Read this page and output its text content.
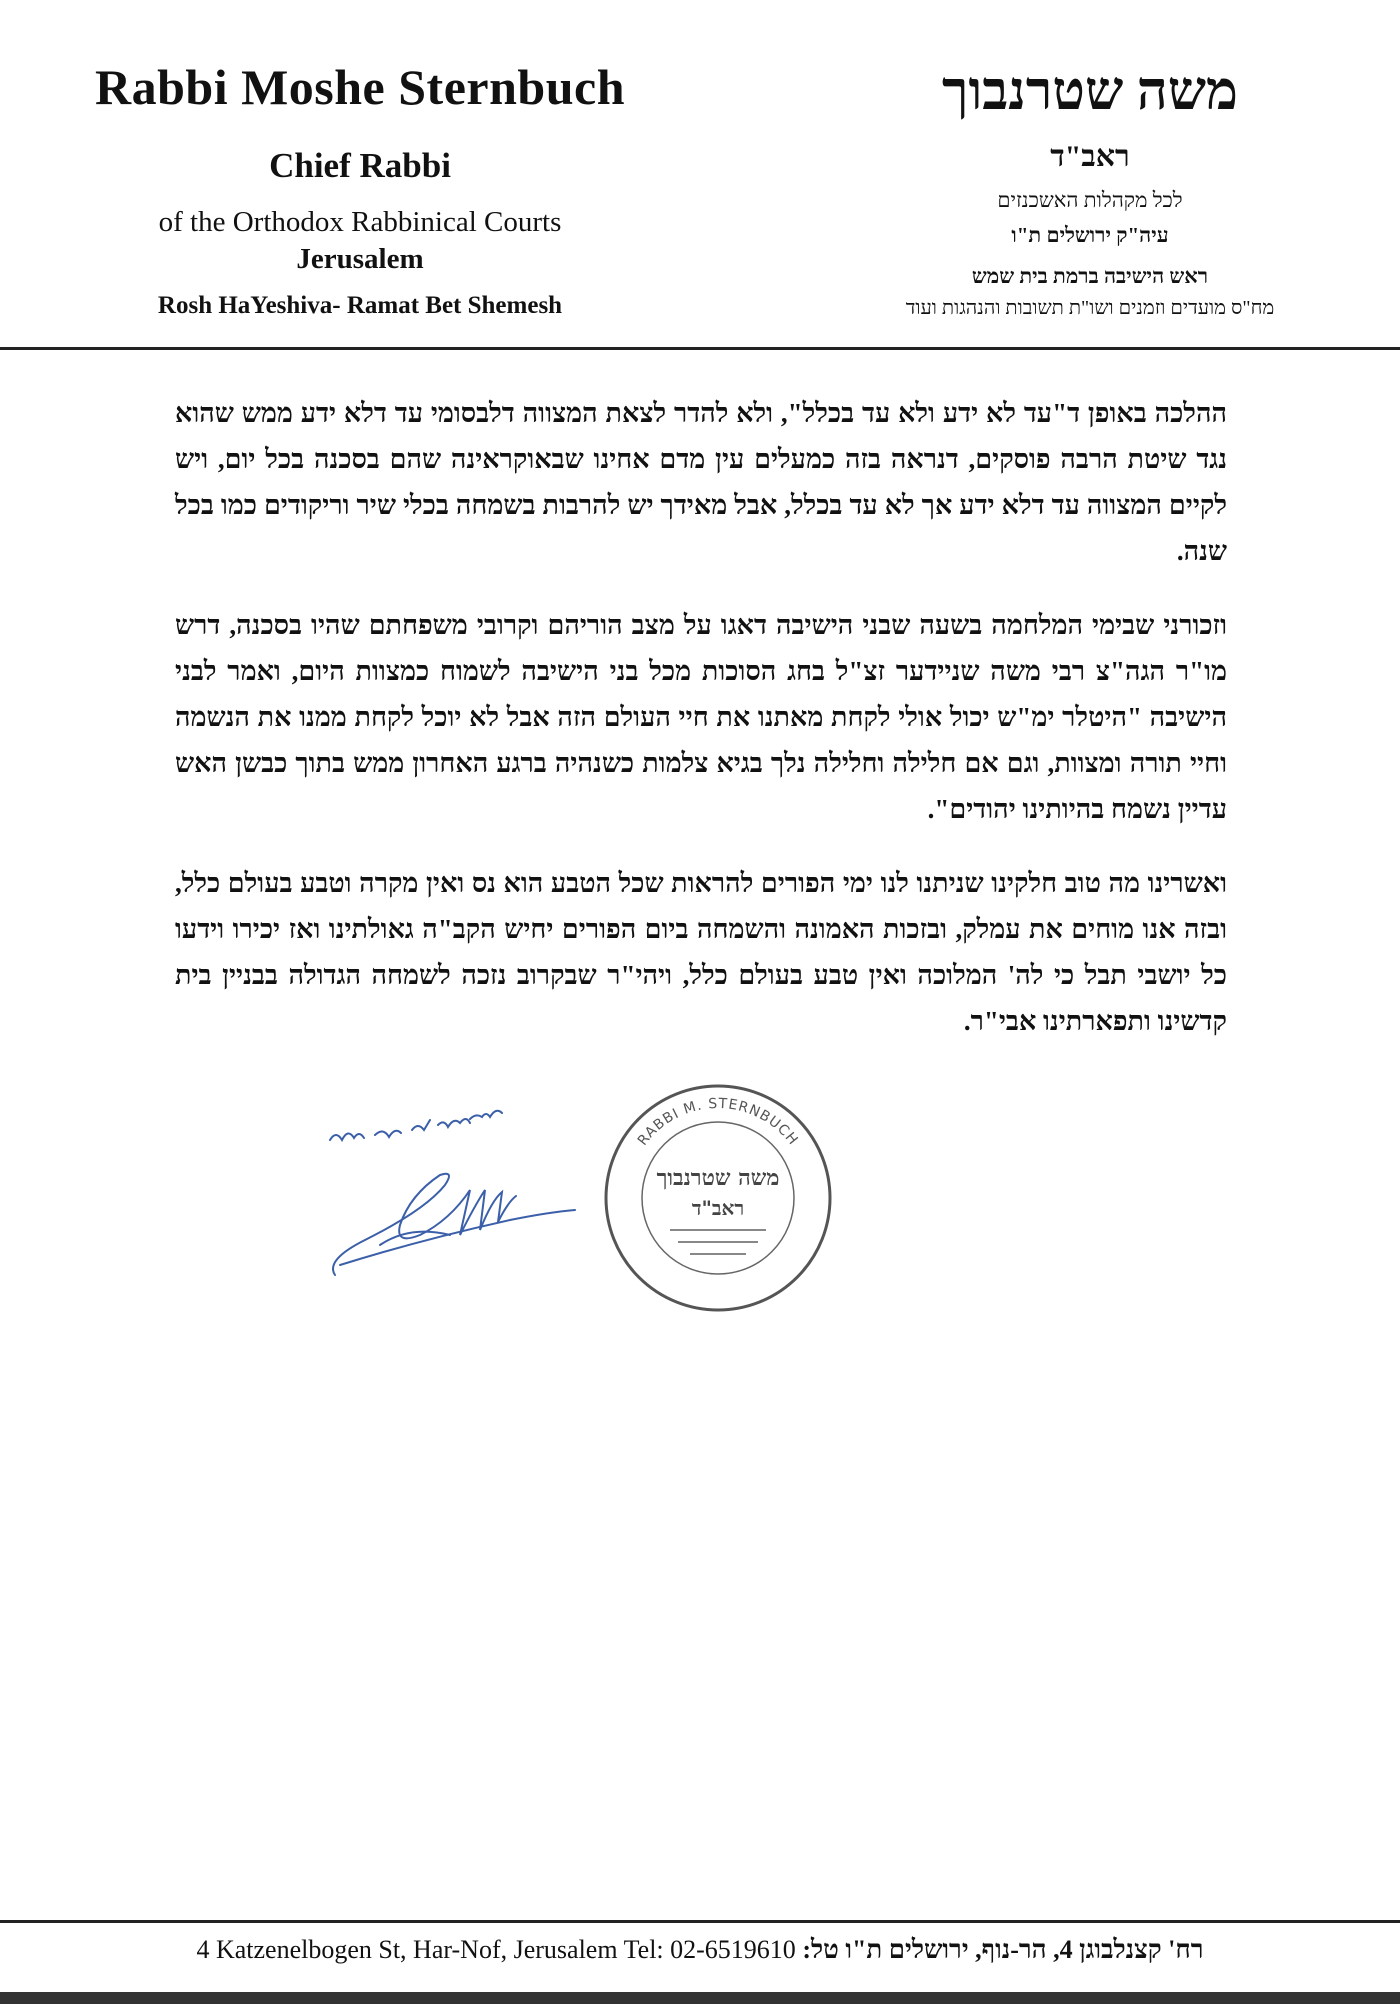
Rabbi Moshe Sternbuch
Chief Rabbi
of the Orthodox Rabbinical Courts
Jerusalem
Rosh HaYeshiva- Ramat Bet Shemesh
משה שטרנבוך
ראב"ד
לכל מקהלות האשכנזים
עיה"ק ירושלים ת"ו
ראש הישיבה ברמת בית שמש
מח"ס מועדים וזמנים ושו"ת תשובות והנהגות ועוד

ההלכה באופן ד"עד לא ידע ולא עד בכלל", ולא להדר לצאת המצווה דלבסומי עד דלא ידע ממש שהוא נגד שיטת הרבה פוסקים, דנראה בזה כמעלים עין מדם אחינו שבאוקראינה שהם בסכנה בכל יום, ויש לקיים המצווה עד דלא ידע אך לא עד בכלל, אבל מאידך יש להרבות בשמחה בכלי שיר וריקודים כמו בכל שנה.

וזכורני שבימי המלחמה בשעה שבני הישיבה דאגו על מצב הוריהם וקרובי משפחתם שהיו בסכנה, דרש מו"ר הגה"צ רבי משה שניידער זצ"ל בחג הסוכות מכל בני הישיבה לשמוח כמצוות היום, ואמר לבני הישיבה "היטלר ימ"ש יכול אולי לקחת מאתנו את חיי העולם הזה אבל לא יוכל לקחת ממנו את הנשמה וחיי תורה ומצוות, וגם אם חלילה וחלילה נלך בגיא צלמות כשנהיה ברגע האחרון ממש בתוך כבשן האש עדיין נשמח בהיותינו יהודים".

ואשרינו מה טוב חלקינו שניתנו לנו ימי הפורים להראות שכל הטבע הוא נס ואין מקרה וטבע בעולם כלל, ובזה אנו מוחים את עמלק, ובזכות האמונה והשמחה ביום הפורים יחיש הקב"ה גאולתינו ואז יכירו וידעו כל יושבי תבל כי לה' המלוכה ואין טבע בעולם כלל, ויהי"ר שבקרוב נזכה לשמחה הגדולה בבניין בית קדשינו ותפארתינו אבי"ר.

RABBI M. STERNBUCH
משה שטרנבוך
ראב"ד
4 Katzenelbogen St, Har-Nof, Jerusalem Tel: 02-6519610 רח' קצנלבוגן 4, הר-נוף, ירושלים ת"ו טל:
